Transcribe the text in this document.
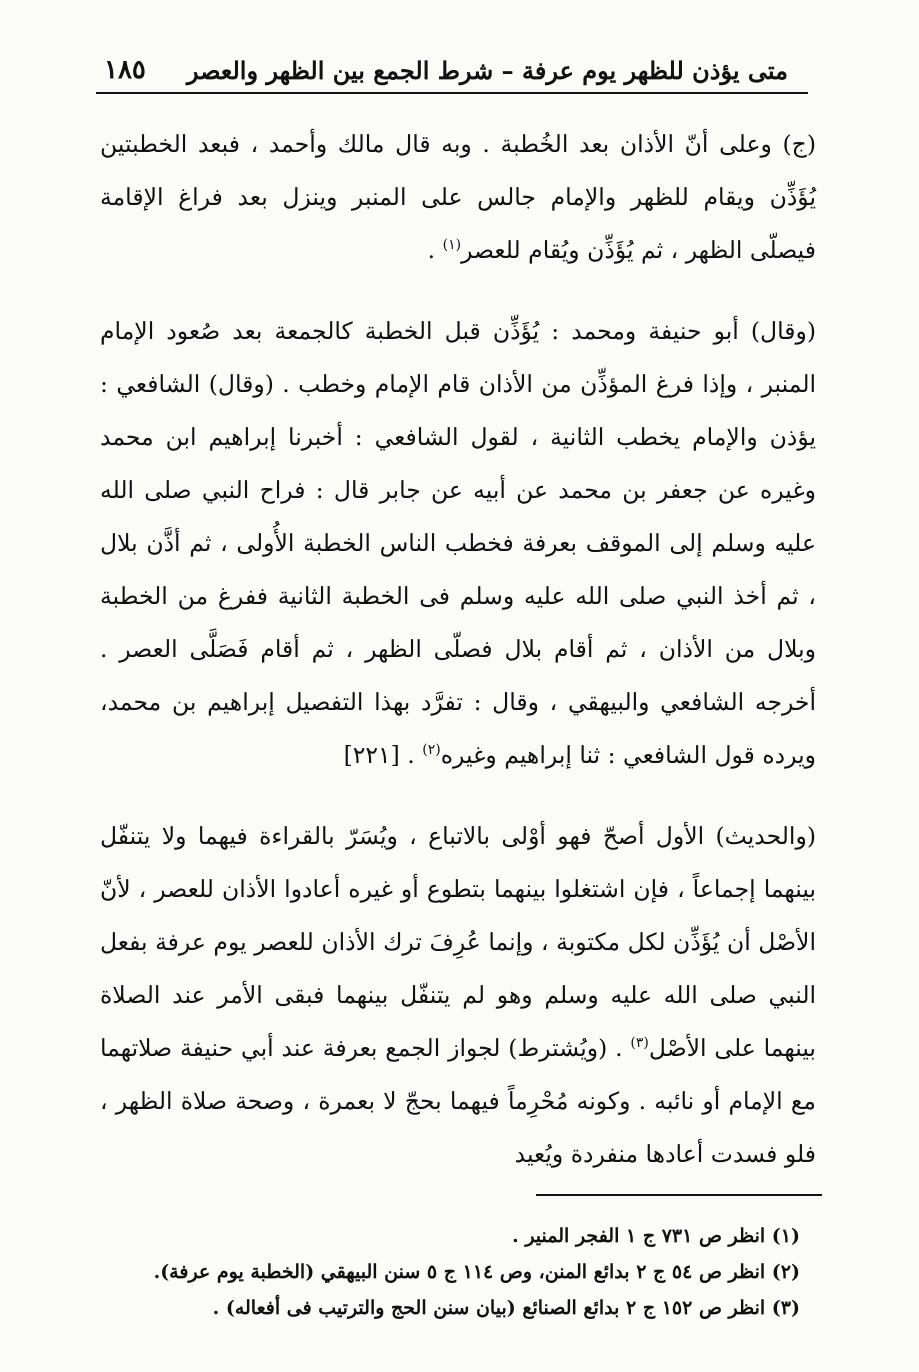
متى يؤذن للظهر يوم عرفة – شرط الجمع بين الظهر والعصر
١٨٥

(ج) وعلى أنّ الأذان بعد الخُطبة . وبه قال مالك وأحمد ، فبعد الخطبتين يُؤَذِّن ويقام للظهر والإمام جالس على المنبر وينزل بعد فراغ الإقامة فيصلّى الظهر ، ثم يُؤَذِّن ويُقام للعصر$^{(١)}$ .

(وقال) أبو حنيفة ومحمد : يُؤَذِّن قبل الخطبة كالجمعة بعد صُعود الإمام المنبر ، وإذا فرغ المؤذِّن من الأذان قام الإمام وخطب . (وقال) الشافعي : يؤذن والإمام يخطب الثانية ، لقول الشافعي : أخبرنا إبراهيم ابن محمد وغيره عن جعفر بن محمد عن أبيه عن جابر قال : فراح النبي صلى الله عليه وسلم إلى الموقف بعرفة فخطب الناس الخطبة الأُولى ، ثم أذَّن بلال ، ثم أخذ النبي صلى الله عليه وسلم فى الخطبة الثانية ففرغ من الخطبة وبلال من الأذان ، ثم أقام بلال فصلّى الظهر ، ثم أقام فَصَلَّى العصر . أخرجه الشافعي والبيهقي ، وقال : تفرَّد بهذا التفصيل إبراهيم بن محمد، ويرده قول الشافعي : ثنا إبراهيم وغيره$^{(٢)}$ . [٢٢١]

(والحديث) الأول أصحّ فهو أوْلى بالاتباع ، ويُسَرّ بالقراءة فيهما ولا يتنفّل بينهما إجماعاً ، فإن اشتغلوا بينهما بتطوع أو غيره أعادوا الأذان للعصر ، لأنّ الأصْل أن يُؤَذِّن لكل مكتوبة ، وإنما عُرِفَ ترك الأذان للعصر يوم عرفة بفعل النبي صلى الله عليه وسلم وهو لم يتنفّل بينهما فبقى الأمر عند الصلاة بينهما على الأصْل$^{(٣)}$ . (ويُشترط) لجواز الجمع بعرفة عند أبي حنيفة صلاتهما مع الإمام أو نائبه . وكونه مُحْرِماً فيهما بحجّ لا بعمرة ، وصحة صلاة الظهر ، فلو فسدت أعادها منفردة ويُعيد

(١) انظر ص ٧٣١ ج ١ الفجر المنير .

(٢) انظر ص ٥٤ ج ٢ بدائع المنن، وص ١١٤ ج ٥ سنن البيهقي (الخطبة يوم عرفة).

(٣) انظر ص ١٥٢ ج ٢ بدائع الصنائع (بيان سنن الحج والترتيب فى أفعاله) .
